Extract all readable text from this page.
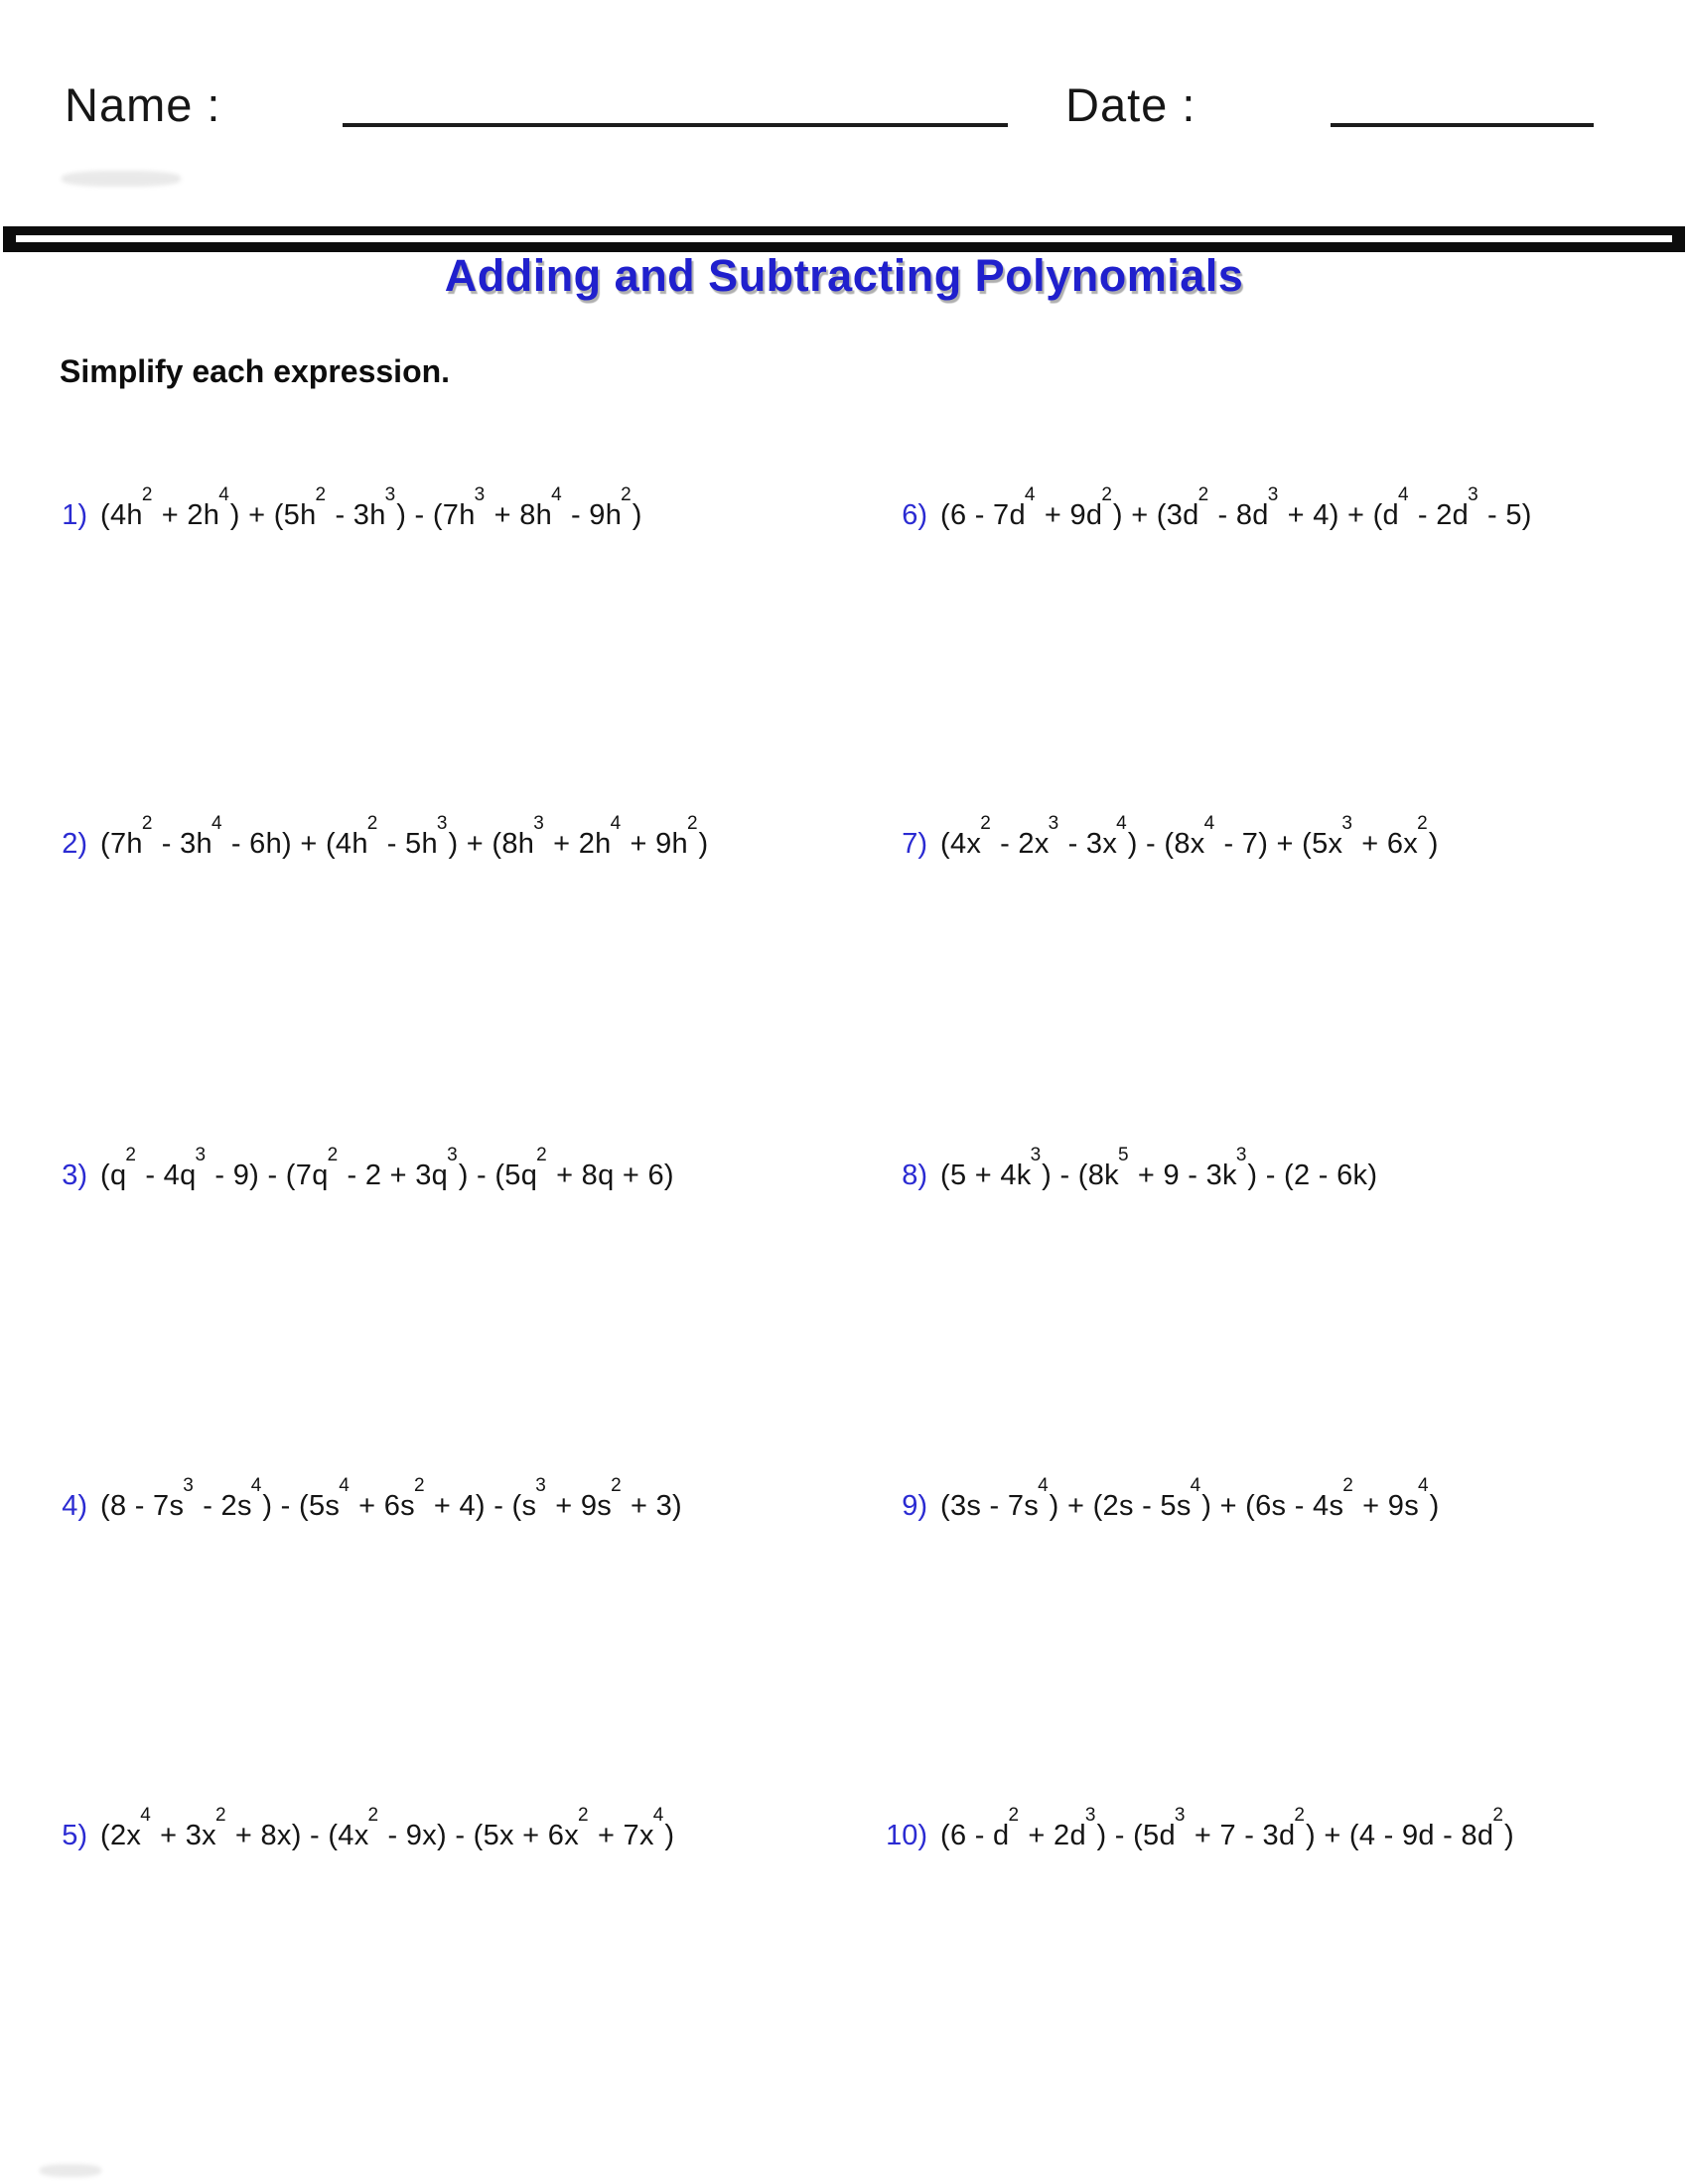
Name :	Date :
Adding and Subtracting Polynomials
Simplify each expression.
1) $(4h^2 + 2h^4) + (5h^2 - 3h^3) - (7h^3 + 8h^4 - 9h^2)$
2) $(7h^2 - 3h^4 - 6h) + (4h^2 - 5h^3) + (8h^3 + 2h^4 + 9h^2)$
3) $(q^2 - 4q^3 - 9) - (7q^2 - 2 + 3q^3) - (5q^2 + 8q + 6)$
4) $(8 - 7s^3 - 2s^4) - (5s^4 + 6s^2 + 4) - (s^3 + 9s^2 + 3)$
5) $(2x^4 + 3x^2 + 8x) - (4x^2 - 9x) - (5x + 6x^2 + 7x^4)$
6) $(6 - 7d^4 + 9d^2) + (3d^2 - 8d^3 + 4) + (d^4 - 2d^3 - 5)$
7) $(4x^2 - 2x^3 - 3x^4) - (8x^4 - 7) + (5x^3 + 6x^2)$
8) $(5 + 4k^3) - (8k^5 + 9 - 3k^3) - (2 - 6k)$
9) $(3s - 7s^4) + (2s - 5s^4) + (6s - 4s^2 + 9s^4)$
10) $(6 - d^2 + 2d^3) - (5d^3 + 7 - 3d^2) + (4 - 9d - 8d^2)$
